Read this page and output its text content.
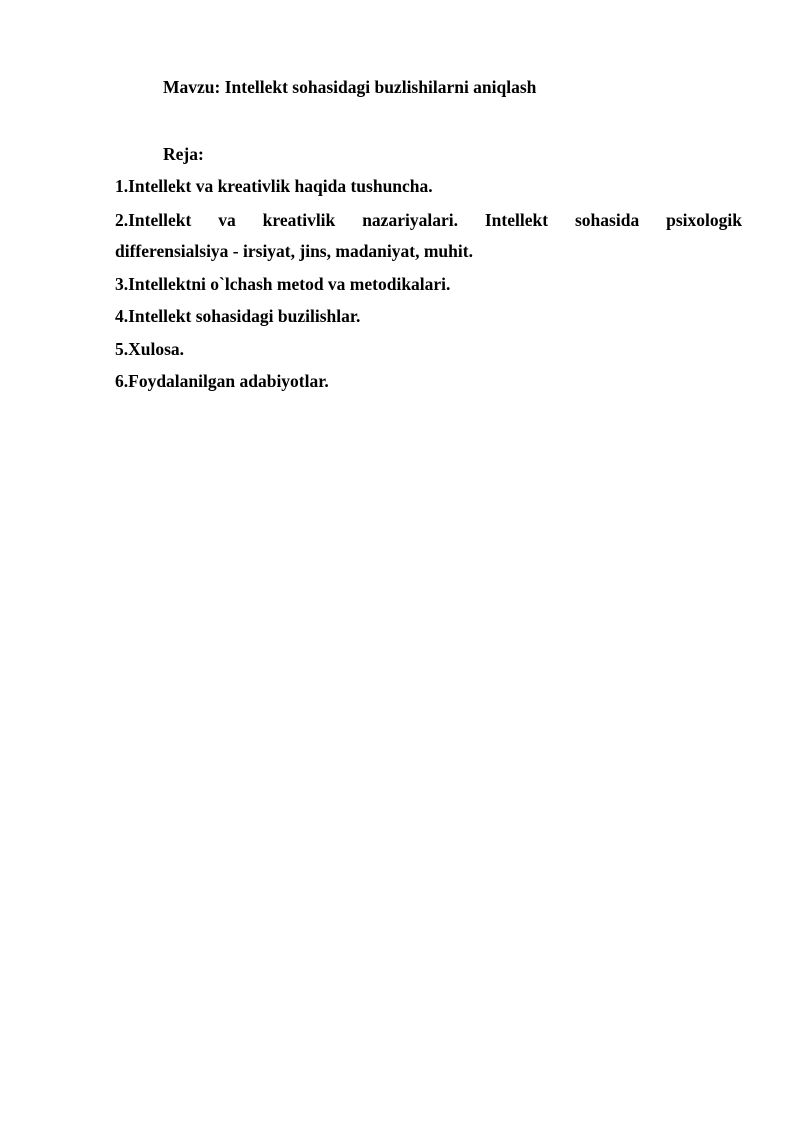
Mavzu: Intellekt sohasidagi buzlishilarni aniqlash
Reja:
1.Intellekt va kreativlik haqida tushuncha.
2.Intellekt va kreativlik nazariyalari. Intellekt sohasida psixologik
differensialsiya - irsiyat, jins, madaniyat, muhit.
3.Intellektni o`lchash metod va metodikalari.
4.Intellekt sohasidagi buzilishlar.
5.Xulosa.
6.Foydalanilgan adabiyotlar.
